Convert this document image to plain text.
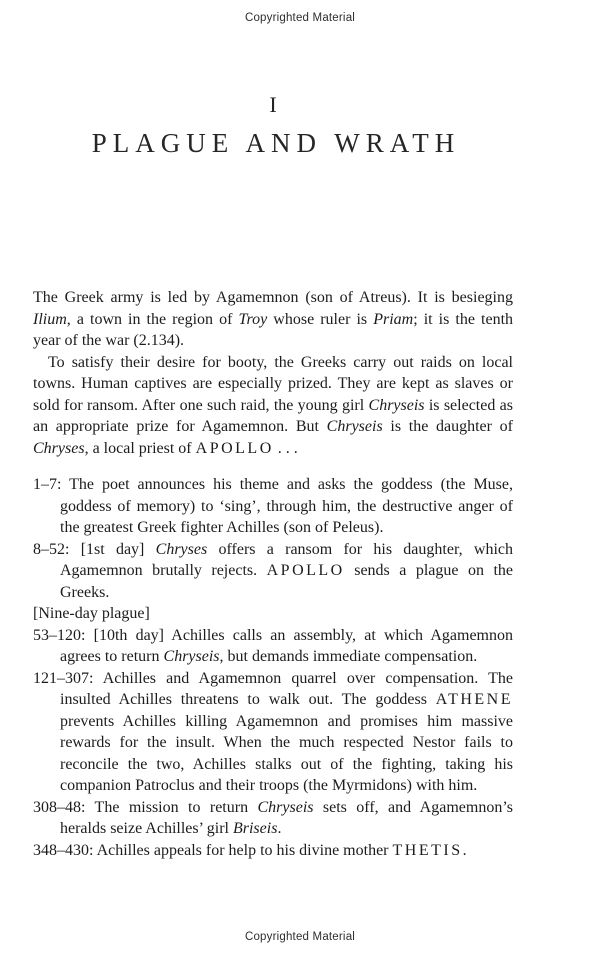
Copyrighted Material
I
PLAGUE AND WRATH

The Greek army is led by Agamemnon (son of Atreus). It is besieging Ilium, a town in the region of Troy whose ruler is Priam; it is the tenth year of the war (2.134).

To satisfy their desire for booty, the Greeks carry out raids on local towns. Human captives are especially prized. They are kept as slaves or sold for ransom. After one such raid, the young girl Chryseis is selected as an appropriate prize for Agamemnon. But Chryseis is the daughter of Chryses, a local priest of APOLLO . . .

1–7: The poet announces his theme and asks the goddess (the Muse, goddess of memory) to ‘sing’, through him, the destructive anger of the greatest Greek fighter Achilles (son of Peleus).

8–52: [1st day] Chryses offers a ransom for his daughter, which Agamemnon brutally rejects. APOLLO sends a plague on the Greeks.

[Nine-day plague]

53–120: [10th day] Achilles calls an assembly, at which Agamemnon agrees to return Chryseis, but demands immediate compensation.

121–307: Achilles and Agamemnon quarrel over compensation. The insulted Achilles threatens to walk out. The goddess ATHENE prevents Achilles killing Agamemnon and promises him massive rewards for the insult. When the much respected Nestor fails to reconcile the two, Achilles stalks out of the fighting, taking his companion Patroclus and their troops (the Myrmidons) with him.

308–48: The mission to return Chryseis sets off, and Agamemnon’s heralds seize Achilles’ girl Briseis.

348–430: Achilles appeals for help to his divine mother THETIS.

Copyrighted Material
